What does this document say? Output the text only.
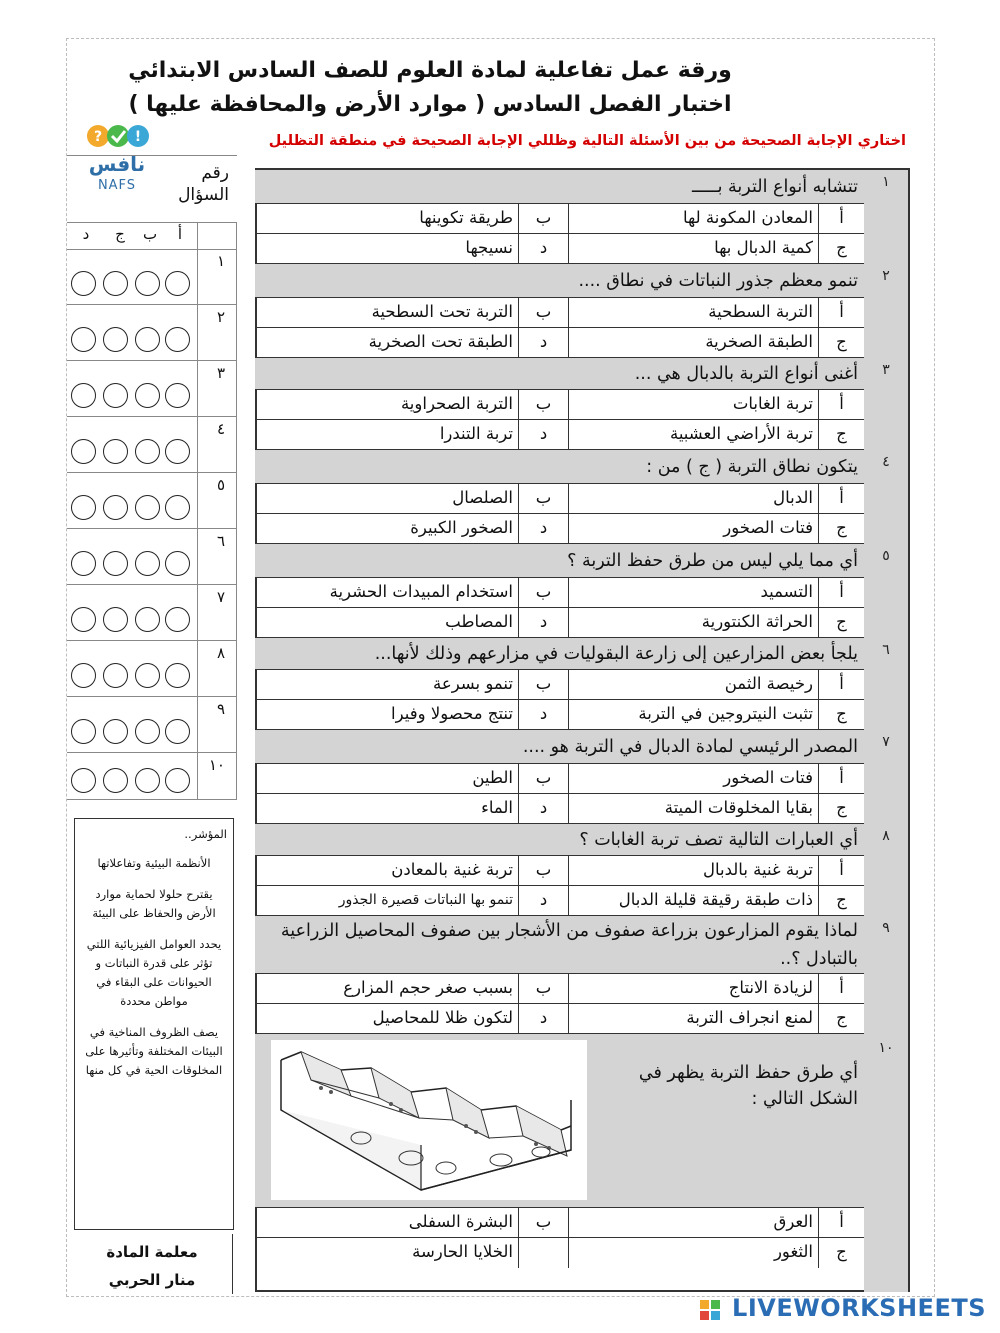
ورقة عمل تفاعلية لمادة العلوم للصف السادس الابتدائي
اختبار الفصل السادس ( موارد الأرض والمحافظة عليها )
اختاري الإجابة الصحيحة من بين الأسئلة التالية وظللي الإجابة الصحيحة في منطقة التظليل
? !
نافس
NAFS
رقم السؤال
أ
ب
ج
د
١
٢
٣
٤
٥
٦
٧
٨
٩
١٠
المؤشر..
الأنظمة البيئية وتفاعلاتها
يقترح حلولا لحماية موارد الأرض والحفاظ على البيئة
يحدد العوامل الفيزيائية اللتي تؤثر على قدرة النباتات و الحيوانات على البقاء في مواطن محددة
يصف الظروف المناخية في البيئات المختلفة وتأثيرها على المخلوقات الحية في كل منها
معلمة المادة
منار الحربي
١
تتشابه أنواع التربة بـــــ
أ
المعادن المكونة لها
ب
طريقة تكوينها
ج
كمية الدبال بها
د
نسيجها
٢
تنمو معظم جذور النباتات في نطاق ....
أ
التربة السطحية
ب
التربة تحت السطحية
ج
الطبقة الصخرية
د
الطبقة تحت الصخرية
٣
أغنى أنواع التربة بالدبال هي ...
أ
تربة الغابات
ب
التربة الصحراوية
ج
تربة الأراضي العشبية
د
تربة التندرا
٤
يتكون نطاق التربة ( ج ) من :
أ
الدبال
ب
الصلصال
ج
فتات الصخور
د
الصخور الكبيرة
٥
أي مما يلي ليس من طرق حفظ التربة ؟
أ
التسميد
ب
استخدام المبيدات الحشرية
ج
الحراثة الكنتورية
د
المصاطب
٦
يلجأ بعض المزارعين إلى زارعة البقوليات في مزارعهم وذلك لأنها...
أ
رخيصة الثمن
ب
تنمو بسرعة
ج
تثبت النيتروجين في التربة
د
تنتج محصولا وفيرا
٧
المصدر الرئيسي لمادة الدبال في التربة هو ....
أ
فتات الصخور
ب
الطين
ج
بقايا المخلوقات الميتة
د
الماء
٨
أي العبارات التالية تصف تربة الغابات ؟
أ
تربة غنية بالدبال
ب
تربة غنية بالمعادن
ج
ذات طبقة رقيقة قليلة الدبال
د
تنمو بها النباتات قصيرة الجذور
٩
لماذا يقوم المزارعون بزراعة صفوف من الأشجار بين صفوف المحاصيل الزراعية بالتبادل ؟..
أ
لزيادة الانتاج
ب
بسبب صغر حجم المزارع
ج
لمنع انجراف التربة
د
لتكون ظلا للمحاصيل
١٠
أي طرق حفظ التربة يظهر في الشكل التالي :
أ
العرق
ب
البشرة السفلى
ج
الثغور
الخلايا الحارسة
LIVEWORKSHEETS
